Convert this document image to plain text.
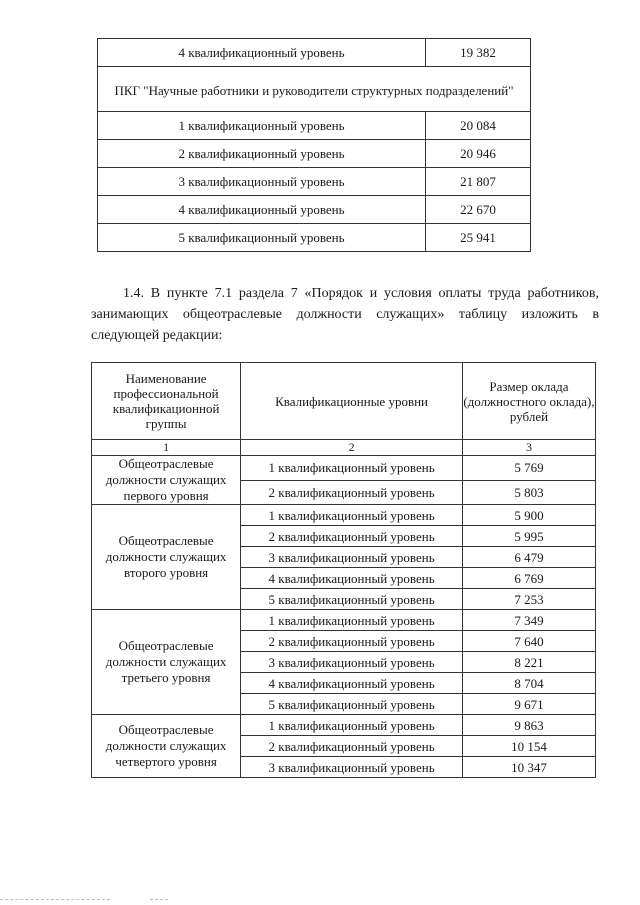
4 квалификационный уровень	19 382
ПКГ "Научные работники и руководители структурных подразделений"	
1 квалификационный уровень	20 084
2 квалификационный уровень	20 946
3 квалификационный уровень	21 807
4 квалификационный уровень	22 670
5 квалификационный уровень	25 941
1.4. В пункте 7.1 раздела 7 «Порядок и условия оплаты труда работников, занимающих общеотраслевые должности служащих» таблицу изложить в следующей редакции:
Наименование профессиональной квалификационной группы	Квалификационные уровни	Размер оклада (должностного оклада), рублей
1	2	3
Общеотраслевые должности служащих первого уровня	1 квалификационный уровень	5 769
	2 квалификационный уровень	5 803
Общеотраслевые должности служащих второго уровня	1 квалификационный уровень	5 900
	2 квалификационный уровень	5 995
	3 квалификационный уровень	6 479
	4 квалификационный уровень	6 769
	5 квалификационный уровень	7 253
Общеотраслевые должности служащих третьего уровня	1 квалификационный уровень	7 349
	2 квалификационный уровень	7 640
	3 квалификационный уровень	8 221
	4 квалификационный уровень	8 704
	5 квалификационный уровень	9 671
Общеотраслевые должности служащих четвертого уровня	1 квалификационный уровень	9 863
	2 квалификационный уровень	10 154
	3 квалификационный уровень	10 347
